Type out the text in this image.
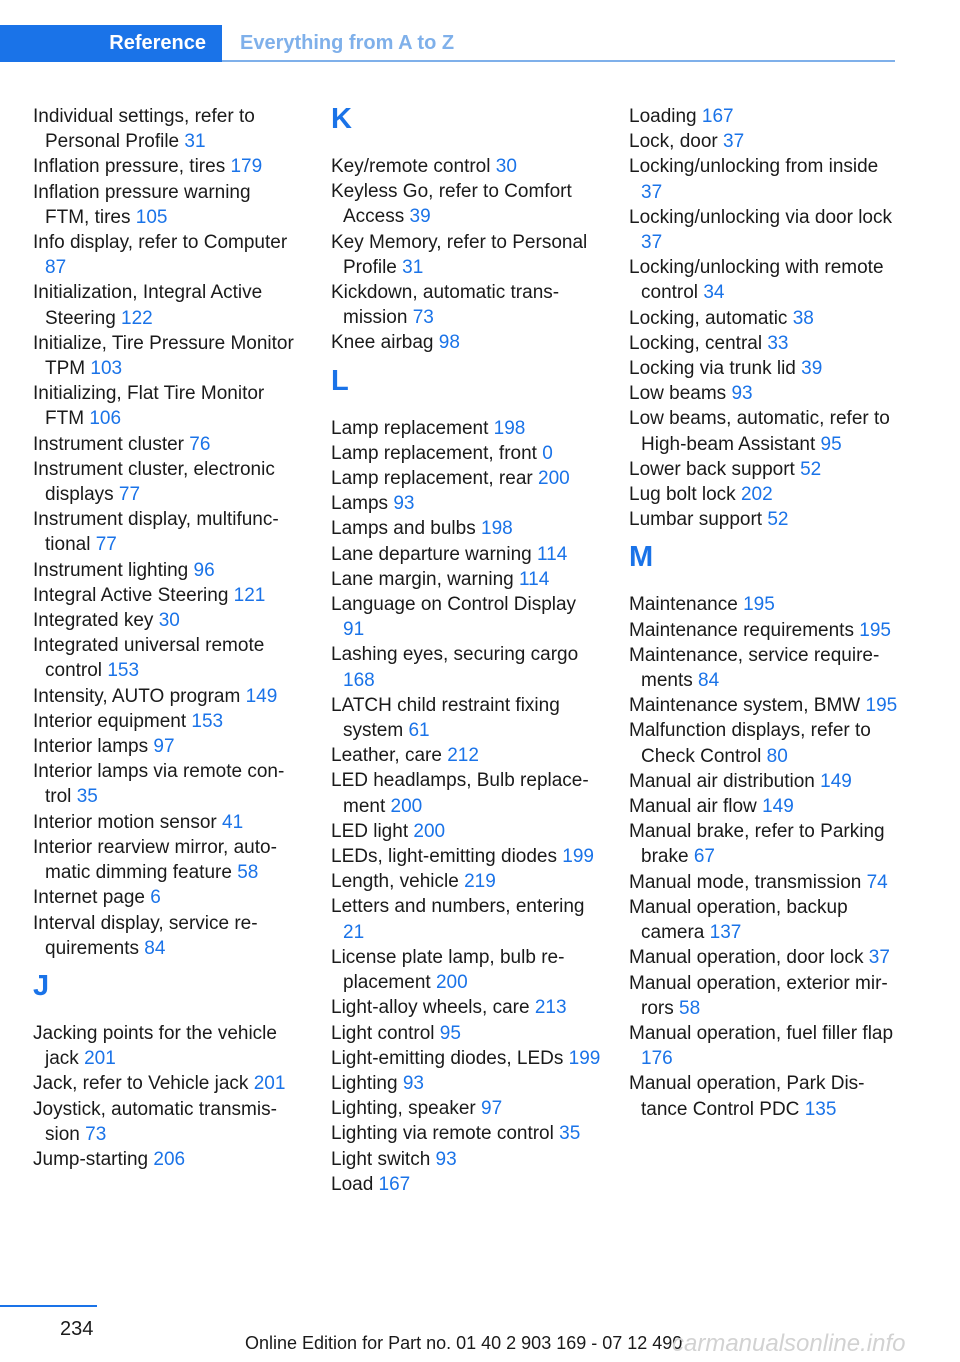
Reference	Everything from A to Z
Individual settings, refer to Personal Profile 31
Inflation pressure, tires 179
Inflation pressure warning FTM, tires 105
Info display, refer to Computer 87
Initialization, Integral Active Steering 122
Initialize, Tire Pressure Monitor TPM 103
Initializing, Flat Tire Monitor FTM 106
Instrument cluster 76
Instrument cluster, electronic displays 77
Instrument display, multifunctional 77
Instrument lighting 96
Integral Active Steering 121
Integrated key 30
Integrated universal remote control 153
Intensity, AUTO program 149
Interior equipment 153
Interior lamps 97
Interior lamps via remote control 35
Interior motion sensor 41
Interior rearview mirror, automatic dimming feature 58
Internet page 6
Interval display, service requirements 84
J
Jacking points for the vehicle jack 201
Jack, refer to Vehicle jack 201
Joystick, automatic transmission 73
Jump-starting 206
K
Key/remote control 30
Keyless Go, refer to Comfort Access 39
Key Memory, refer to Personal Profile 31
Kickdown, automatic transmission 73
Knee airbag 98
L
Lamp replacement 198
Lamp replacement, front 0
Lamp replacement, rear 200
Lamps 93
Lamps and bulbs 198
Lane departure warning 114
Lane margin, warning 114
Language on Control Display 91
Lashing eyes, securing cargo 168
LATCH child restraint fixing system 61
Leather, care 212
LED headlamps, Bulb replacement 200
LED light 200
LEDs, light-emitting diodes 199
Length, vehicle 219
Letters and numbers, entering 21
License plate lamp, bulb replacement 200
Light-alloy wheels, care 213
Light control 95
Light-emitting diodes, LEDs 199
Lighting 93
Lighting, speaker 97
Lighting via remote control 35
Light switch 93
Load 167
Loading 167
Lock, door 37
Locking/unlocking from inside 37
Locking/unlocking via door lock 37
Locking/unlocking with remote control 34
Locking, automatic 38
Locking, central 33
Locking via trunk lid 39
Low beams 93
Low beams, automatic, refer to High-beam Assistant 95
Lower back support 52
Lug bolt lock 202
Lumbar support 52
M
Maintenance 195
Maintenance requirements 195
Maintenance, service requirements 84
Maintenance system, BMW 195
Malfunction displays, refer to Check Control 80
Manual air distribution 149
Manual air flow 149
Manual brake, refer to Parking brake 67
Manual mode, transmission 74
Manual operation, backup camera 137
Manual operation, door lock 37
Manual operation, exterior mirrors 58
Manual operation, fuel filler flap 176
Manual operation, Park Distance Control PDC 135
234
Online Edition for Part no. 01 40 2 903 169 - 07 12 490
carmanualsonline.info
